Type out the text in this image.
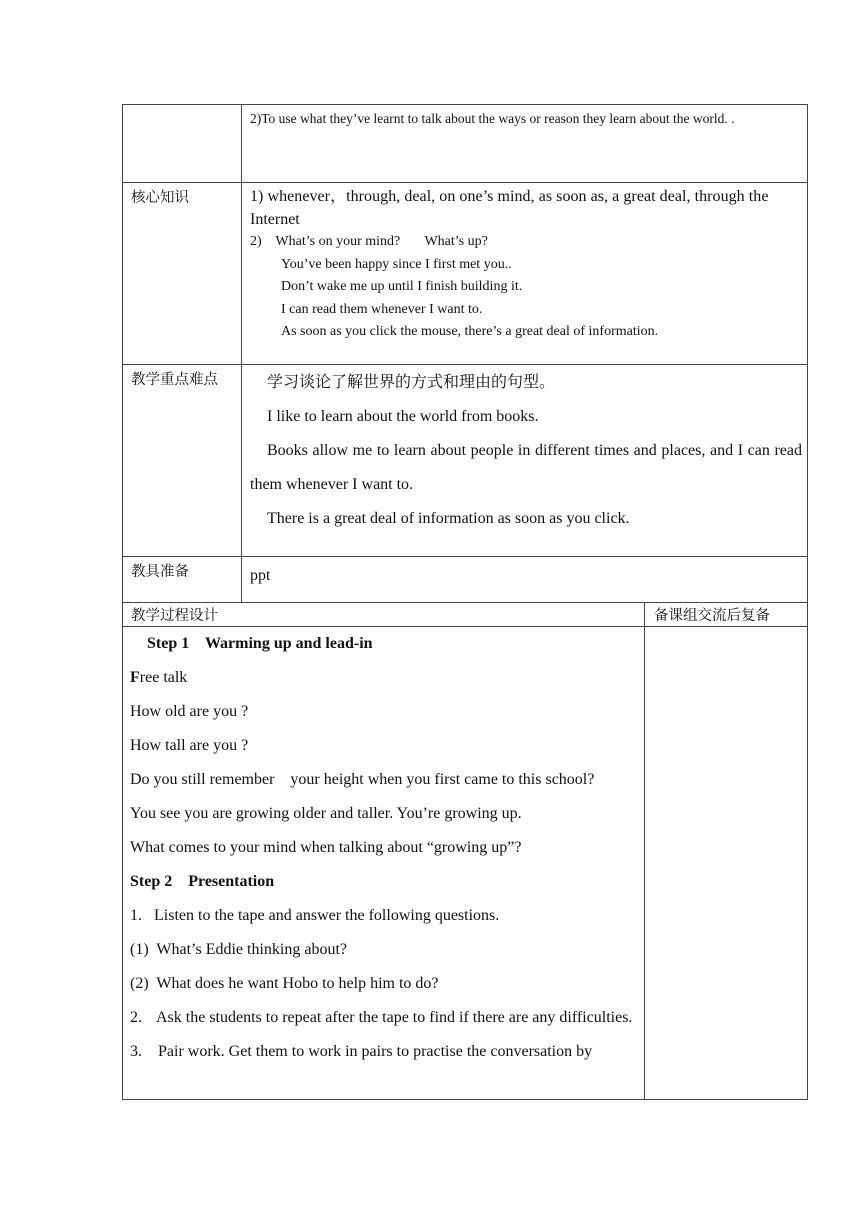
2)To use what they’ve learnt to talk about the ways or reason they learn about the world. .

核心知识	1) whenever，through, deal, on one’s mind, as soon as, a great deal, through the

Internet

2)    What’s on your mind?       What’s up?

You’ve been happy since I first met you..

Don’t wake me up until I finish building it.

I can read them whenever I want to.

As soon as you click the mouse, there’s a great deal of information.

教学重点难点	学习谈论了解世界的方式和理由的句型。

I like to learn about the world from books.

Books allow me to learn about people in different times and places, and I can read them whenever I want to.

There is a great deal of information as soon as you click.

教具准备	ppt
教学过程设计	备课组交流后复备

Step 1    Warming up and lead-in

Free talk

How old are you ?

How tall are you ?

Do you still remember    your height when you first came to this school?

You see you are growing older and taller. You’re growing up.

What comes to your mind when talking about “growing up”?

Step 2    Presentation

1.   Listen to the tape and answer the following questions.

(1)  What’s Eddie thinking about?

(2)  What does he want Hobo to help him to do?

2. Ask the students to repeat after the tape to find if there are any difficulties.

3.    Pair work. Get them to work in pairs to practise the conversation by
